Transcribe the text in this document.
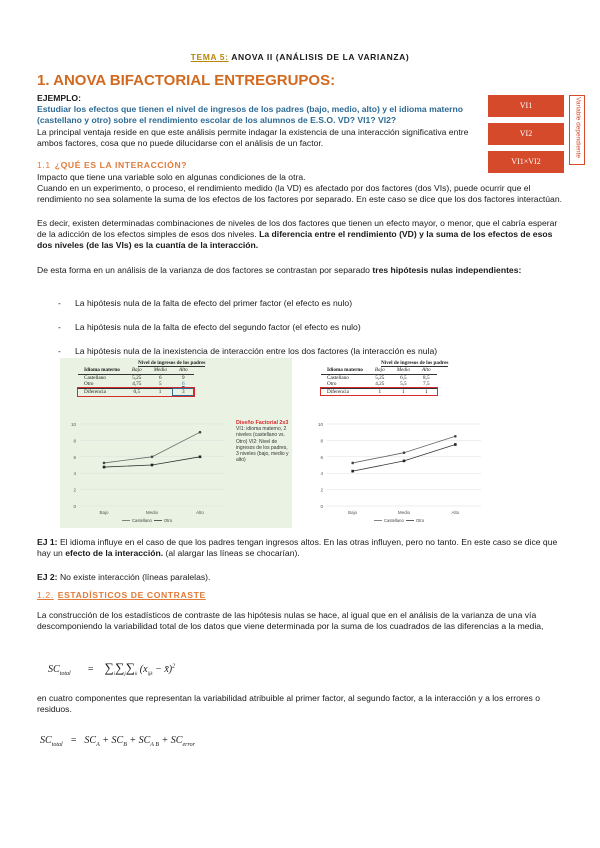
TEMA 5: ANOVA II (ANÁLISIS DE LA VARIANZA)
1. ANOVA BIFACTORIAL ENTREGRUPOS:
EJEMPLO:
Estudiar los efectos que tienen el nivel de ingresos de los padres (bajo, medio, alto) y el idioma materno (castellano y otro) sobre el rendimiento escolar de los alumnos de E.S.O. VD? VI1? VI2?
La principal ventaja reside en que este análisis permite indagar la existencia de una interacción significativa entre ambos factores, cosa que no puede dilucidarse con el análisis de un factor.
VI1
VI2
VI1×VI2
Variable dependiente
1.1 ¿QUÉ ES LA INTERACCIÓN?
Impacto que tiene una variable solo en algunas condiciones de la otra.
Cuando en un experimento, o proceso, el rendimiento medido (la VD) es afectado por dos factores (dos VIs), puede ocurrir que el rendimiento no sea solamente la suma de los efectos de los factores por separado. En este caso se dice que los dos factores interactúan.
Es decir, existen determinadas combinaciones de niveles de los dos factores que tienen un efecto mayor, o menor, que el cabría esperar de la adicción de los efectos simples de esos dos niveles. La diferencia entre el rendimiento (VD) y la suma de los efectos de esos dos niveles (de las VIs) es la cuantía de la interacción.
De esta forma en un análisis de la varianza de dos factores se contrastan por separado tres hipótesis nulas independientes:
- La hipótesis nula de la falta de efecto del primer factor (el efecto es nulo)
- La hipótesis nula de la falta de efecto del segundo factor (el efecto es nulo)
- La hipótesis nula de la inexistencia de interacción entre los dos factores (la interacción es nula)
Nivel de ingresos de los padres
Idioma materno	Bajo	Medio	Alto
Castellano	5,25	6	9
Otro	4,75	5	6
Diferencia	0,5	1	3
0
2
4
6
8
10
Bajo	Medio	Alto
Castellano	Otro
Diseño Factorial 2x3
VI1: idioma materno, 2 niveles (castellano vs. Otro) VI2: Nivel de ingresos de los padres, 3 niveles (bajo, medio y alto)
Nivel de ingresos de los padres
Idioma materno	Bajo	Medio	Alto
Castellano	5,25	6,5	8,5
Otro	4,25	5,5	7,5
Diferencia	1	1	1
0
2
4
6
8
10
Bajo	Medio	Alto
Castellano	Otro
EJ 1: El idioma influye en el caso de que los padres tengan ingresos altos. En las otras influyen, pero no tanto. En este caso se dice que hay un efecto de la interacción. (al alargar las líneas se chocarían).
EJ 2: No existe interacción (líneas paralelas).
1.2. ESTADÍSTICOS DE CONTRASTE
La construcción de los estadísticos de contraste de las hipótesis nulas se hace, al igual que en el análisis de la varianza de una vía descomponiendo la variabilidad total de los datos que viene determinada por la suma de los cuadrados de las diferencias a la media,
$SC_{total} = \sum_i\sum_j\sum_k$ ($x_{ijk}$ − x̄)$^2$
en cuatro componentes que representan la variabilidad atribuible al primer factor, al segundo factor, a la interacción y a los errores o residuos.
$SC_{total} = SC_A + SC_B + SC_{A B} + SC_{error}$
